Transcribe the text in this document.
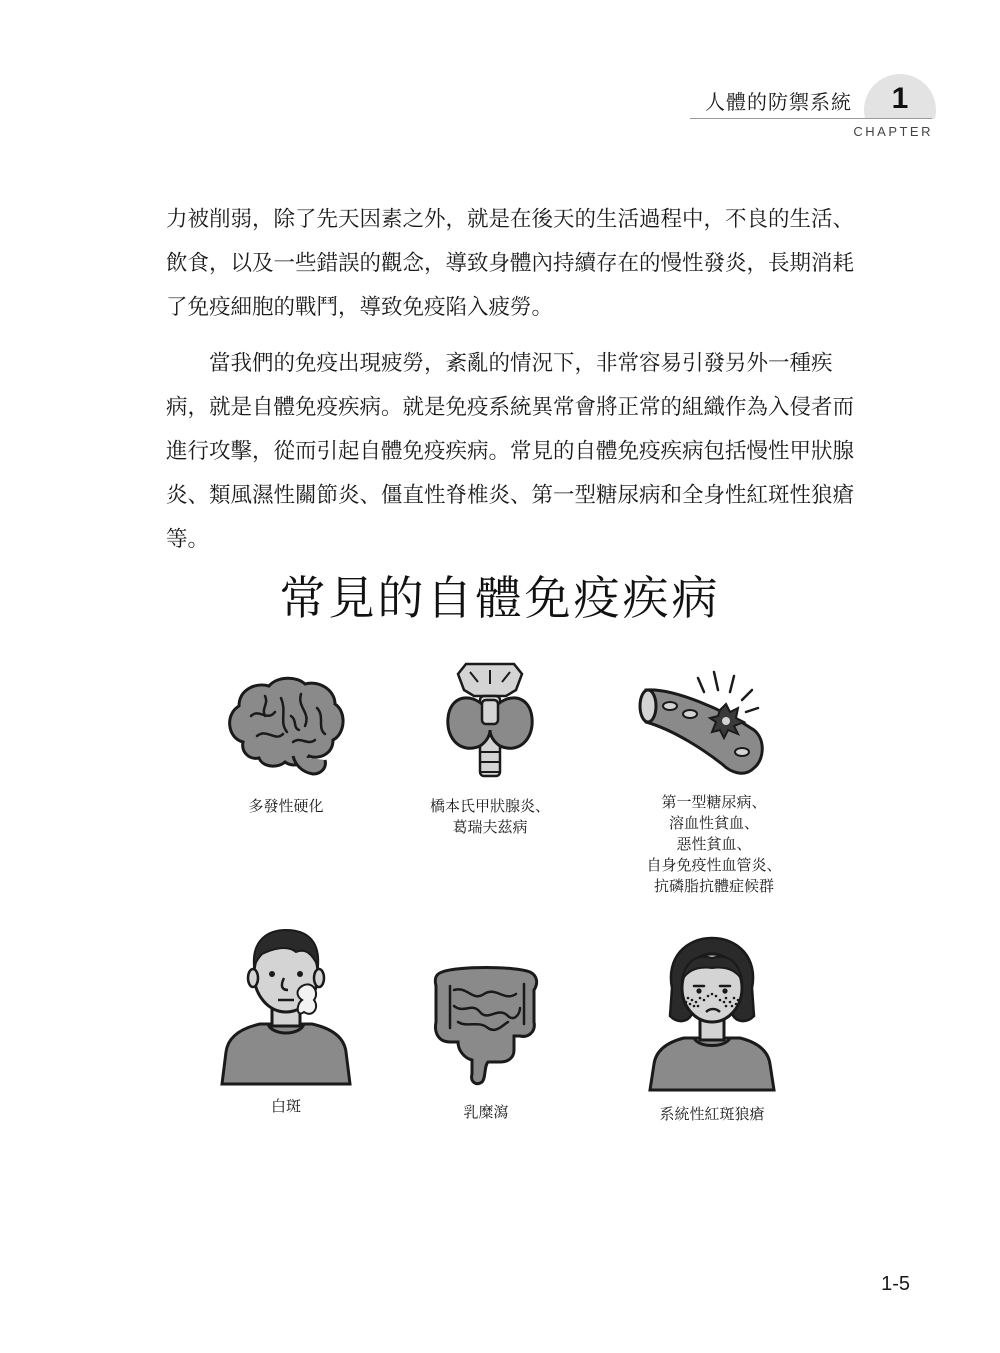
人體的防禦系統	1
CHAPTER

力被削弱，除了先天因素之外，就是在後天的生活過程中，不良的生活、飲食，以及一些錯誤的觀念，導致身體內持續存在的慢性發炎，長期消耗了免疫細胞的戰鬥，導致免疫陷入疲勞。

　　當我們的免疫出現疲勞，紊亂的情況下，非常容易引發另外一種疾病，就是自體免疫疾病。就是免疫系統異常會將正常的組織作為入侵者而進行攻擊，從而引起自體免疫疾病。常見的自體免疫疾病包括慢性甲狀腺炎、類風濕性關節炎、僵直性脊椎炎、第一型糖尿病和全身性紅斑性狼瘡等。

常見的自體免疫疾病
多發性硬化	橋本氏甲狀腺炎、
葛瑞夫茲病
第一型糖尿病、
溶血性貧血、
惡性貧血、
自身免疫性血管炎、
抗磷脂抗體症候群
白斑	乳糜瀉	系統性紅斑狼瘡
1-5
